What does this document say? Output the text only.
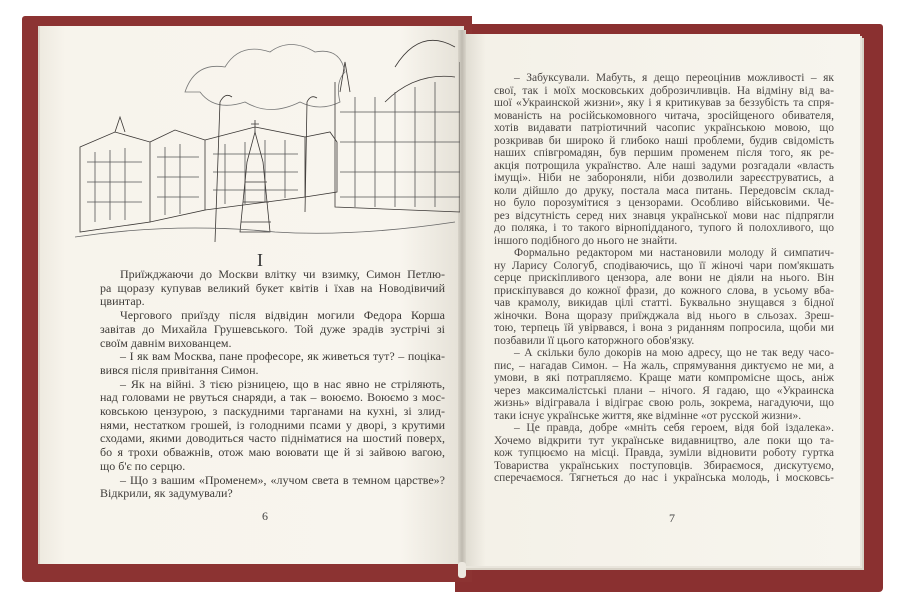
I
Приїжджаючи до Москви влітку чи взимку, Симон Петлю-
ра щоразу купував великий букет квітів і їхав на Новодівичий
цвинтар.
Чергового приїзду після відвідин могили Федора Корша
завітав до Михайла Грушевського. Той дуже зрадів зустрічі зі
своїм давнім вихованцем.
– І як вам Москва, пане професоре, як живеться тут? – поціка-
вився після привітання Симон.
– Як на війні. З тією різницею, що в нас явно не стріляють,
над головами не рвуться снаряди, а так – воюємо. Воюємо з мос-
ковською цензурою, з паскудними тарганами на кухні, зі злид-
нями, нестатком грошей, із голодними псами у дворі, з крутими
сходами, якими доводиться часто підніматися на шостий поверх,
бо я трохи обважнів, отож маю воювати ще й зі зайвою вагою,
що б'є по серцю.
– Що з вашим «Променем», «лучом света в темном царстве»?
Відкрили, як задумували?
6
– Забуксували. Мабуть, я дещо переоцінив можливості – як
свої, так і моїх московських доброзичливців. На відміну від ва-
шої «Украинской жизни», яку і я критикував за беззубість та спря-
мованість на російськомовного читача, зросійщеного обивателя,
хотів видавати патріотичний часопис українською мовою, що
розкривав би широко й глибоко наші проблеми, будив свідомість
наших співгромадян, був першим променем після того, як ре-
акція потрощила українство. Але наші задуми розгадали «власть
імущі». Ніби не забороняли, ніби дозволили зареєструватись, а
коли дійшло до друку, постала маса питань. Передовсім склад-
но було порозумітися з цензорами. Особливо військовими. Че-
рез відсутність серед них знавця української мови нас підпрягли
до поляка, і то такого вірнопідданого, тупого й полохливого, що
іншого подібного до нього не знайти.
Формально редактором ми настановили молоду й симпатич-
ну Ларису Сологуб, сподіваючись, що її жіночі чари пом'якшать
серце прискіпливого цензора, але вони не діяли на нього. Він
прискіпувався до кожної фрази, до кожного слова, в усьому вба-
чав крамолу, викидав цілі статті. Буквально знущався з бідної
жіночки. Вона щоразу приїжджала від нього в сльозах. Зреш-
тою, терпець їй увірвався, і вона з риданням попросила, щоби ми
позбавили її цього каторжного обов'язку.
– А скільки було докорів на мою адресу, що не так веду часо-
пис, – нагадав Симон. – На жаль, спрямування диктуємо не ми, а
умови, в які потрапляємо. Краще мати компромісне щось, аніж
через максималістські плани – нічого. Я гадаю, що «Украинска
жизнь» відігравала і відіграє свою роль, зокрема, нагадуючи, що
таки існує українське життя, яке відмінне «от русской жизни».
– Це правда, добре «мніть себя героем, відя бой іздалека».
Хочемо відкрити тут українське видавництво, але поки що та-
кож тупцюємо на місці. Правда, зуміли відновити роботу гуртка
Товариства українських поступовців. Збираємося, дискутуємо,
сперечаємося. Тягнеться до нас і українська молодь, і московсь-
7
